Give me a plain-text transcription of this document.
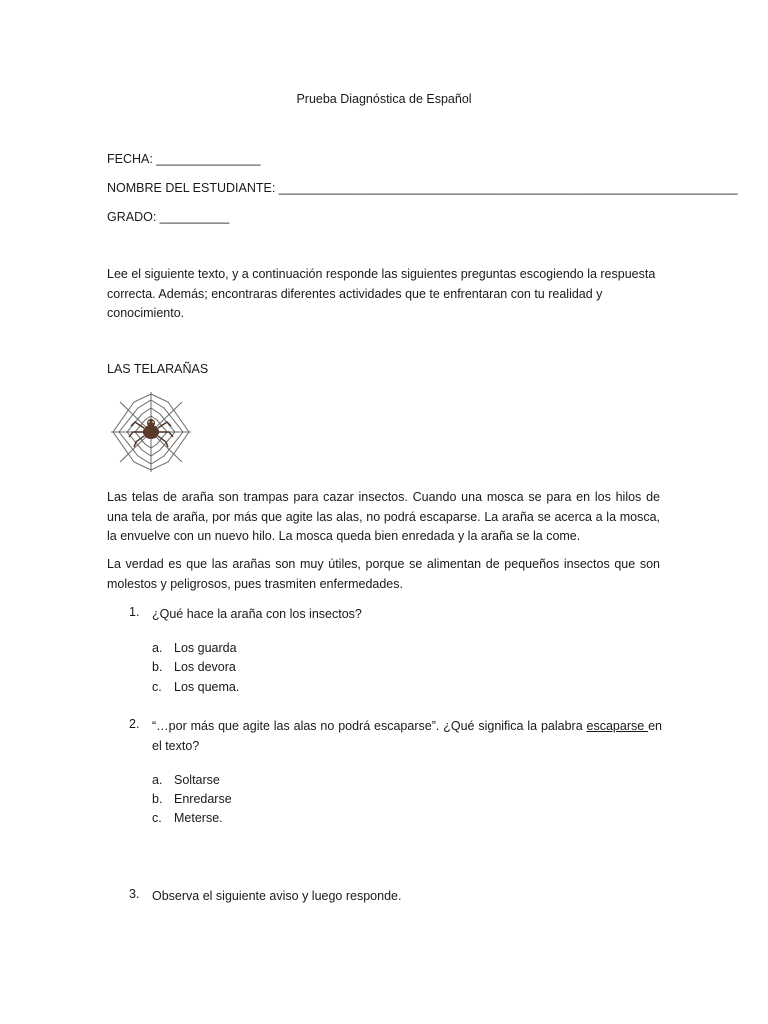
Prueba Diagnóstica de Español
FECHA: _______________
NOMBRE DEL ESTUDIANTE: __________________________________________________________________
GRADO: __________
Lee el siguiente texto, y a continuación responde las siguientes preguntas escogiendo la respuesta correcta. Además; encontraras diferentes actividades que te enfrentaran con tu realidad y conocimiento.
LAS TELARAÑAS
Las telas de araña son trampas para cazar insectos. Cuando una mosca se para en los hilos de una tela de araña, por más que agite las alas, no podrá escaparse. La araña se acerca a la mosca, la envuelve con un nuevo hilo. La mosca queda bien enredada y la araña se la come.
La verdad es que las arañas son muy útiles, porque se alimentan de pequeños insectos que son molestos y peligrosos, pues trasmiten enfermedades.
1. ¿Qué hace la araña con los insectos?
a. Los guarda
b. Los devora
c. Los quema.
2. “…por más que agite las alas no podrá escaparse”. ¿Qué significa la palabra escaparse en el texto?
a. Soltarse
b. Enredarse
c. Meterse.
3. Observa el siguiente aviso y luego responde.
